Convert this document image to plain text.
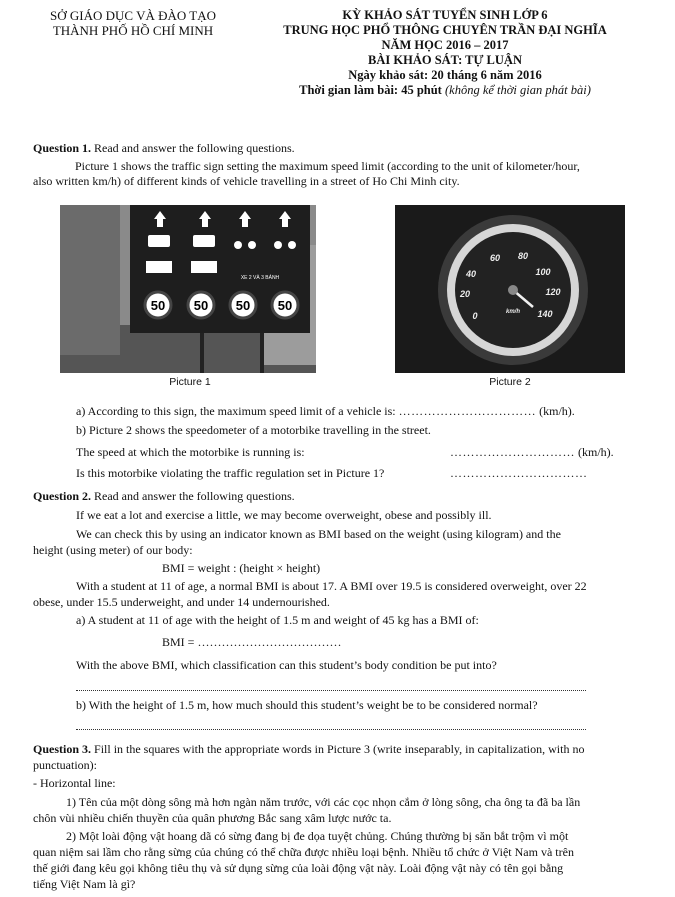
SỞ GIÁO DỤC VÀ ĐÀO TẠO
THÀNH PHỐ HỒ CHÍ MINH
KỲ KHẢO SÁT TUYỂN SINH LỚP 6
TRUNG HỌC PHỔ THÔNG CHUYÊN TRẦN ĐẠI NGHĨA
NĂM HỌC 2016 – 2017
BÀI KHẢO SÁT: TỰ LUẬN
Ngày khảo sát: 20 tháng 6 năm 2016
Thời gian làm bài: 45 phút (không kể thời gian phát bài)
Question 1. Read and answer the following questions.
Picture 1 shows the traffic sign setting the maximum speed limit (according to the unit of kilometer/hour,
also written km/h) of different kinds of vehicle travelling in a street of Ho Chi Minh city.
XE 2 VÀ 3 BÁNH
50 50 50 50
Picture 1
60 80
40	100
20	120
0	140
km/h
Picture 2
a) According to this sign, the maximum speed limit of a vehicle is: …………………………… (km/h).
b) Picture 2 shows the speedometer of a motorbike travelling in the street.
The speed at which the motorbike is running is:	………………………… (km/h).
Is this motorbike violating the traffic regulation set in Picture 1?	……………………………
Question 2. Read and answer the following questions.
If we eat a lot and exercise a little, we may become overweight, obese and possibly ill.
We can check this by using an indicator known as BMI based on the weight (using kilogram) and the
height (using meter) of our body:
BMI = weight : (height × height)
With a student at 11 of age, a normal BMI is about 17. A BMI over 19.5 is considered overweight, over 22
obese, under 15.5 underweight, and under 14 undernourished.
a) A student at 11 of age with the height of 1.5 m and weight of 45 kg has a BMI of:
BMI = ………………………………
With the above BMI, which classification can this student’s body condition be put into?
b) With the height of 1.5 m, how much should this student’s weight be to be considered normal?
Question 3. Fill in the squares with the appropriate words in Picture 3 (write inseparably, in capitalization, with no
punctuation):
- Horizontal line:
1) Tên của một dòng sông mà hơn ngàn năm trước, với các cọc nhọn cắm ở lòng sông, cha ông ta đã ba lần
chôn vùi nhiều chiến thuyền của quân phương Bắc sang xâm lược nước ta.
2) Một loài động vật hoang dã có sừng đang bị đe dọa tuyệt chủng. Chúng thường bị săn bắt trộm vì một
quan niệm sai lầm cho rằng sừng của chúng có thể chữa được nhiều loại bệnh. Nhiều tổ chức ở Việt Nam và trên
thế giới đang kêu gọi không tiêu thụ và sử dụng sừng của loài động vật này. Loài động vật này có tên gọi bằng
tiếng Việt Nam là gì?
